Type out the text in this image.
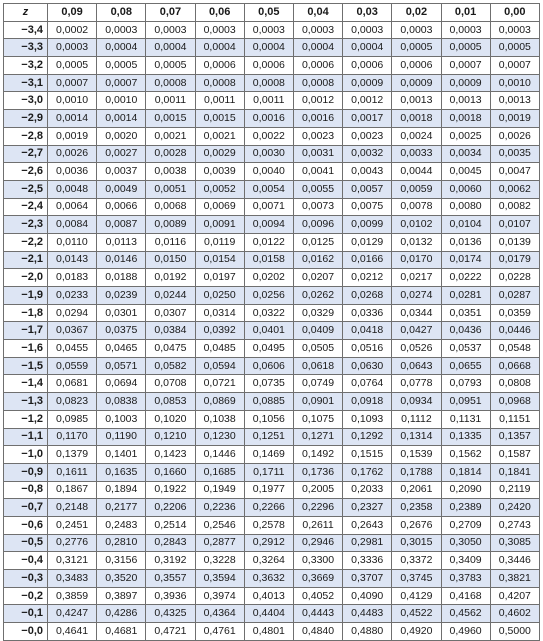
z	0,09	0,08	0,07	0,06	0,05	0,04	0,03	0,02	0,01	0,00
−3,4	0,0002	0,0003	0,0003	0,0003	0,0003	0,0003	0,0003	0,0003	0,0003	0,0003
−3,3	0,0003	0,0004	0,0004	0,0004	0,0004	0,0004	0,0004	0,0005	0,0005	0,0005
−3,2	0,0005	0,0005	0,0005	0,0006	0,0006	0,0006	0,0006	0,0006	0,0007	0,0007
−3,1	0,0007	0,0007	0,0008	0,0008	0,0008	0,0008	0,0009	0,0009	0,0009	0,0010
−3,0	0,0010	0,0010	0,0011	0,0011	0,0011	0,0012	0,0012	0,0013	0,0013	0,0013
−2,9	0,0014	0,0014	0,0015	0,0015	0,0016	0,0016	0,0017	0,0018	0,0018	0,0019
−2,8	0,0019	0,0020	0,0021	0,0021	0,0022	0,0023	0,0023	0,0024	0,0025	0,0026
−2,7	0,0026	0,0027	0,0028	0,0029	0,0030	0,0031	0,0032	0,0033	0,0034	0,0035
−2,6	0,0036	0,0037	0,0038	0,0039	0,0040	0,0041	0,0043	0,0044	0,0045	0,0047
−2,5	0,0048	0,0049	0,0051	0,0052	0,0054	0,0055	0,0057	0,0059	0,0060	0,0062
−2,4	0,0064	0,0066	0,0068	0,0069	0,0071	0,0073	0,0075	0,0078	0,0080	0,0082
−2,3	0,0084	0,0087	0,0089	0,0091	0,0094	0,0096	0,0099	0,0102	0,0104	0,0107
−2,2	0,0110	0,0113	0,0116	0,0119	0,0122	0,0125	0,0129	0,0132	0,0136	0,0139
−2,1	0,0143	0,0146	0,0150	0,0154	0,0158	0,0162	0,0166	0,0170	0,0174	0,0179
−2,0	0,0183	0,0188	0,0192	0,0197	0,0202	0,0207	0,0212	0,0217	0,0222	0,0228
−1,9	0,0233	0,0239	0,0244	0,0250	0,0256	0,0262	0,0268	0,0274	0,0281	0,0287
−1,8	0,0294	0,0301	0,0307	0,0314	0,0322	0,0329	0,0336	0,0344	0,0351	0,0359
−1,7	0,0367	0,0375	0,0384	0,0392	0,0401	0,0409	0,0418	0,0427	0,0436	0,0446
−1,6	0,0455	0,0465	0,0475	0,0485	0,0495	0,0505	0,0516	0,0526	0,0537	0,0548
−1,5	0,0559	0,0571	0,0582	0,0594	0,0606	0,0618	0,0630	0,0643	0,0655	0,0668
−1,4	0,0681	0,0694	0,0708	0,0721	0,0735	0,0749	0,0764	0,0778	0,0793	0,0808
−1,3	0,0823	0,0838	0,0853	0,0869	0,0885	0,0901	0,0918	0,0934	0,0951	0,0968
−1,2	0,0985	0,1003	0,1020	0,1038	0,1056	0,1075	0,1093	0,1112	0,1131	0,1151
−1,1	0,1170	0,1190	0,1210	0,1230	0,1251	0,1271	0,1292	0,1314	0,1335	0,1357
−1,0	0,1379	0,1401	0,1423	0,1446	0,1469	0,1492	0,1515	0,1539	0,1562	0,1587
−0,9	0,1611	0,1635	0,1660	0,1685	0,1711	0,1736	0,1762	0,1788	0,1814	0,1841
−0,8	0,1867	0,1894	0,1922	0,1949	0,1977	0,2005	0,2033	0,2061	0,2090	0,2119
−0,7	0,2148	0,2177	0,2206	0,2236	0,2266	0,2296	0,2327	0,2358	0,2389	0,2420
−0,6	0,2451	0,2483	0,2514	0,2546	0,2578	0,2611	0,2643	0,2676	0,2709	0,2743
−0,5	0,2776	0,2810	0,2843	0,2877	0,2912	0,2946	0,2981	0,3015	0,3050	0,3085
−0,4	0,3121	0,3156	0,3192	0,3228	0,3264	0,3300	0,3336	0,3372	0,3409	0,3446
−0,3	0,3483	0,3520	0,3557	0,3594	0,3632	0,3669	0,3707	0,3745	0,3783	0,3821
−0,2	0,3859	0,3897	0,3936	0,3974	0,4013	0,4052	0,4090	0,4129	0,4168	0,4207
−0,1	0,4247	0,4286	0,4325	0,4364	0,4404	0,4443	0,4483	0,4522	0,4562	0,4602
−0,0	0,4641	0,4681	0,4721	0,4761	0,4801	0,4840	0,4880	0,4920	0,4960	0,5000
